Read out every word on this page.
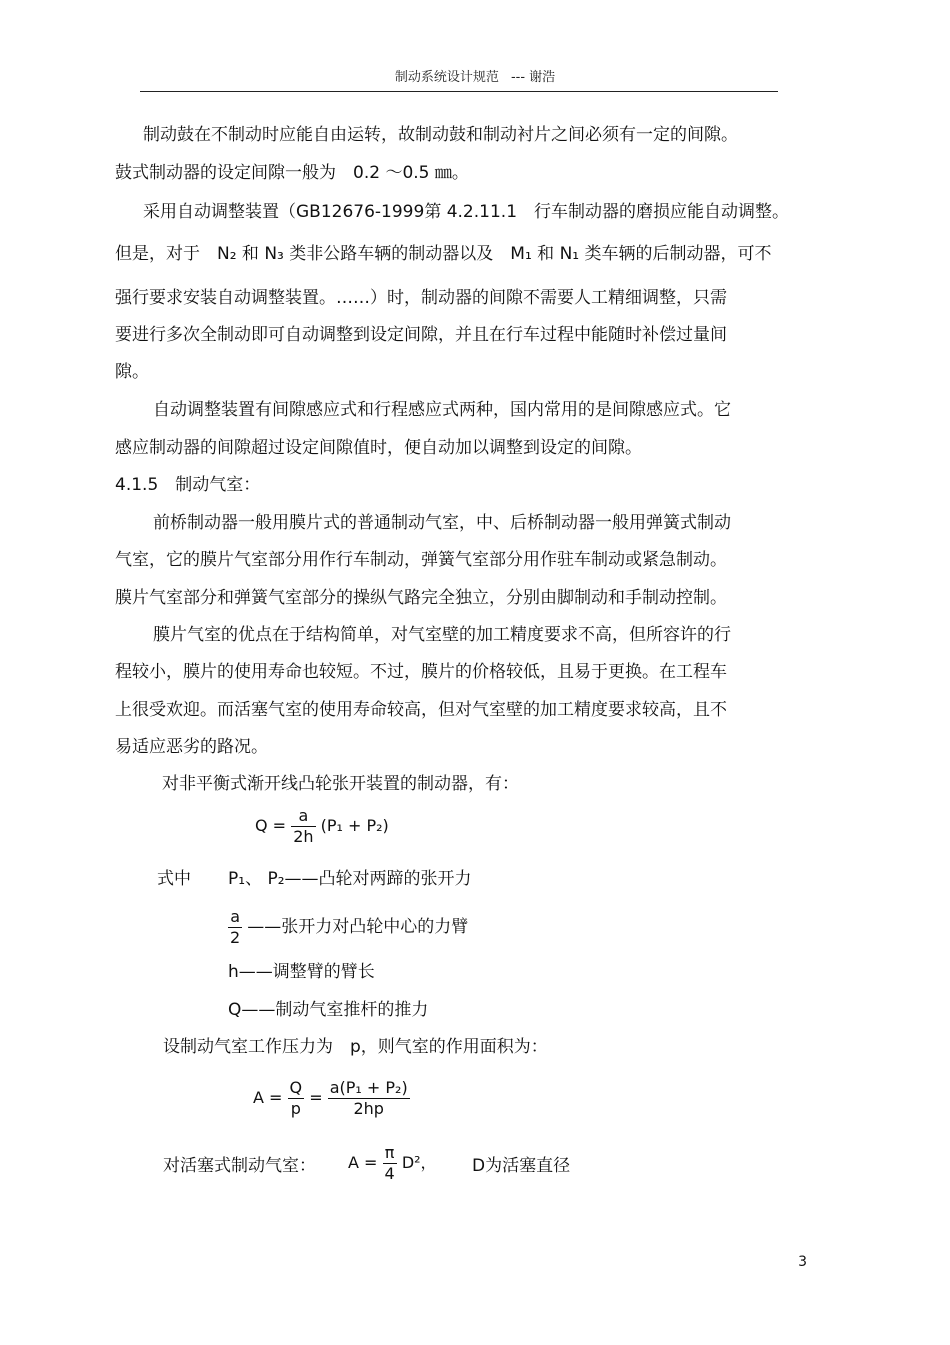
制动系统设计规范 --- 谢浩
制动鼓在不制动时应能自由运转，故制动鼓和制动衬片之间必须有一定的间隙。
鼓式制动器的设定间隙一般为　0.2 ～0.5 ㎜。
采用自动调整装置（GB12676-1999第 4.2.11.1　行车制动器的磨损应能自动调整。
但是，对于　N₂ 和 N₃ 类非公路车辆的制动器以及　M₁ 和 N₁ 类车辆的后制动器，可不
强行要求安装自动调整装置。……）时，制动器的间隙不需要人工精细调整，只需
要进行多次全制动即可自动调整到设定间隙，并且在行车过程中能随时补偿过量间
隙。
自动调整装置有间隙感应式和行程感应式两种，国内常用的是间隙感应式。它
感应制动器的间隙超过设定间隙值时，便自动加以调整到设定的间隙。
4.1.5　制动气室：
前桥制动器一般用膜片式的普通制动气室，中、后桥制动器一般用弹簧式制动
气室，它的膜片气室部分用作行车制动，弹簧气室部分用作驻车制动或紧急制动。
膜片气室部分和弹簧气室部分的操纵气路完全独立，分别由脚制动和手制动控制。
膜片气室的优点在于结构简单，对气室壁的加工精度要求不高，但所容许的行
程较小，膜片的使用寿命也较短。不过，膜片的价格较低，且易于更换。在工程车
上很受欢迎。而活塞气室的使用寿命较高，但对气室壁的加工精度要求较高，且不
易适应恶劣的路况。
对非平衡式渐开线凸轮张开装置的制动器，有：
$Q = \frac{a}{2h} (P_1 + P_2)$
式中 P₁、 P₂——凸轮对两蹄的张开力
$\frac{a}{2}$ ——张开力对凸轮中心的力臂
h——调整臂的臂长
Q——制动气室推杆的推力
设制动气室工作压力为　p，则气室的作用面积为：
$A = \frac{Q}{p} = \frac{\text{a(P₁ + P₂)}}{2hp}$
对活塞式制动气室： $A = \frac{\pi}{4} D^2$， D为活塞直径
3
